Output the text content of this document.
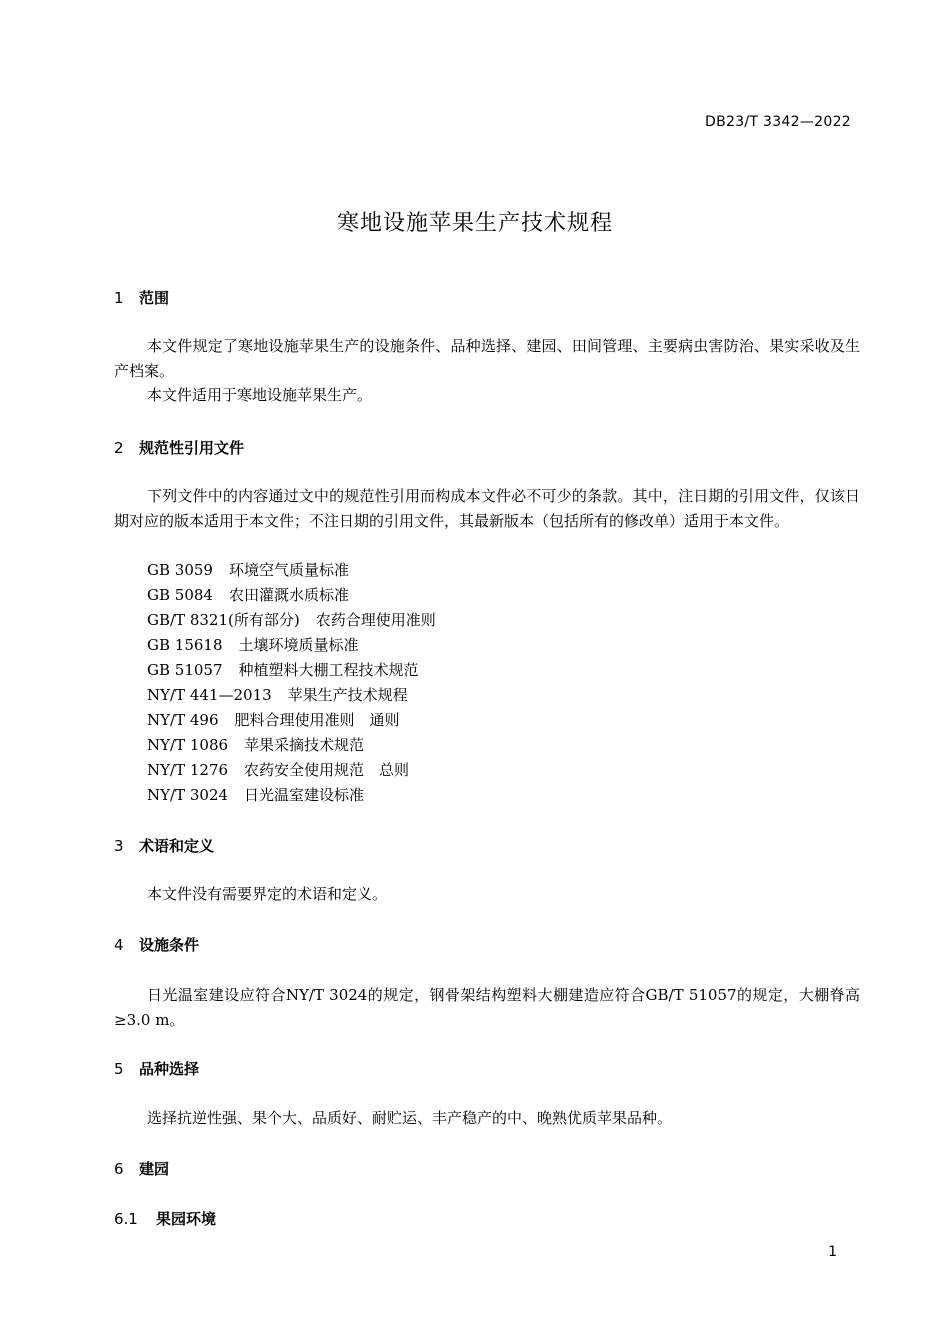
DB23/T 3342—2022
寒地设施苹果生产技术规程
1 范围

本文件规定了寒地设施苹果生产的设施条件、品种选择、建园、田间管理、主要病虫害防治、果实采收及生产档案。

本文件适用于寒地设施苹果生产。

2 规范性引用文件

下列文件中的内容通过文中的规范性引用而构成本文件必不可少的条款。其中，注日期的引用文件，仅该日期对应的版本适用于本文件；不注日期的引用文件，其最新版本（包括所有的修改单）适用于本文件。

GB 3059 环境空气质量标准
GB 5084 农田灌溉水质标准
GB/T 8321(所有部分) 农药合理使用准则
GB 15618 土壤环境质量标准
GB 51057 种植塑料大棚工程技术规范
NY/T 441—2013 苹果生产技术规程
NY/T 496 肥料合理使用准则　通则
NY/T 1086 苹果采摘技术规范
NY/T 1276 农药安全使用规范　总则
NY/T 3024 日光温室建设标准
3 术语和定义

本文件没有需要界定的术语和定义。

4 设施条件

日光温室建设应符合NY/T 3024的规定，钢骨架结构塑料大棚建造应符合GB/T 51057的规定，大棚脊高≥3.0 m。

5 品种选择

选择抗逆性强、果个大、品质好、耐贮运、丰产稳产的中、晚熟优质苹果品种。

6 建园
6.1 果园环境
1
